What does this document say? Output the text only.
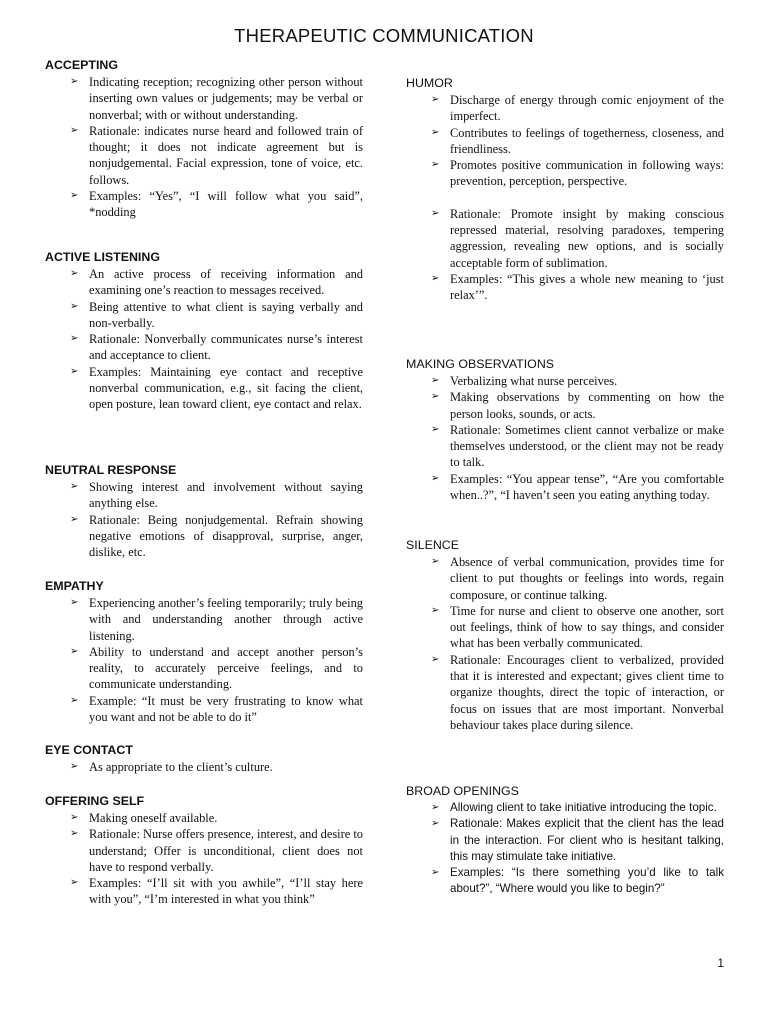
THERAPEUTIC COMMUNICATION
ACCEPTING
➢ Indicating reception; recognizing other person without inserting own values or judgements; may be verbal or nonverbal; with or without understanding.
➢ Rationale: indicates nurse heard and followed train of thought; it does not indicate agreement but is nonjudgemental. Facial expression, tone of voice, etc. follows.
➢ Examples: “Yes”, “I will follow what you said”, *nodding
ACTIVE LISTENING
➢ An active process of receiving information and examining one’s reaction to messages received.
➢ Being attentive to what client is saying verbally and non-verbally.
➢ Rationale: Nonverbally communicates nurse’s interest and acceptance to client.
➢ Examples: Maintaining eye contact and receptive nonverbal communication, e.g., sit facing the client, open posture, lean toward client, eye contact and relax.
NEUTRAL RESPONSE
➢ Showing interest and involvement without saying anything else.
➢ Rationale: Being nonjudgemental. Refrain showing negative emotions of disapproval, surprise, anger, dislike, etc.
EMPATHY
➢ Experiencing another’s feeling temporarily; truly being with and understanding another through active listening.
➢ Ability to understand and accept another person’s reality, to accurately perceive feelings, and to communicate understanding.
➢ Example: “It must be very frustrating to know what you want and not be able to do it”
EYE CONTACT
➢ As appropriate to the client’s culture.
OFFERING SELF
➢ Making oneself available.
➢ Rationale: Nurse offers presence, interest, and desire to understand; Offer is unconditional, client does not have to respond verbally.
➢ Examples: “I’ll sit with you awhile”, “I’ll stay here with you”, “I’m interested in what you think”
HUMOR
➢ Discharge of energy through comic enjoyment of the imperfect.
➢ Contributes to feelings of togetherness, closeness, and friendliness.
➢ Promotes positive communication in following ways: prevention, perception, perspective.
➢ Rationale: Promote insight by making conscious repressed material, resolving paradoxes, tempering aggression, revealing new options, and is socially acceptable form of sublimation.
➢ Examples: “This gives a whole new meaning to ‘just relax’”.
MAKING OBSERVATIONS
➢ Verbalizing what nurse perceives.
➢ Making observations by commenting on how the person looks, sounds, or acts.
➢ Rationale: Sometimes client cannot verbalize or make themselves understood, or the client may not be ready to talk.
➢ Examples: “You appear tense”, “Are you comfortable when..?”, “I haven’t seen you eating anything today.
SILENCE
➢ Absence of verbal communication, provides time for client to put thoughts or feelings into words, regain composure, or continue talking.
➢ Time for nurse and client to observe one another, sort out feelings, think of how to say things, and consider what has been verbally communicated.
➢ Rationale: Encourages client to verbalized, provided that it is interested and expectant; gives client time to organize thoughts, direct the topic of interaction, or focus on issues that are most important. Nonverbal behaviour takes place during silence.
BROAD OPENINGS
➢ Allowing client to take initiative introducing the topic.
➢ Rationale: Makes explicit that the client has the lead in the interaction. For client who is hesitant talking, this may stimulate take initiative.
➢ Examples: “Is there something you’d like to talk about?”, “Where would you like to begin?”
1
